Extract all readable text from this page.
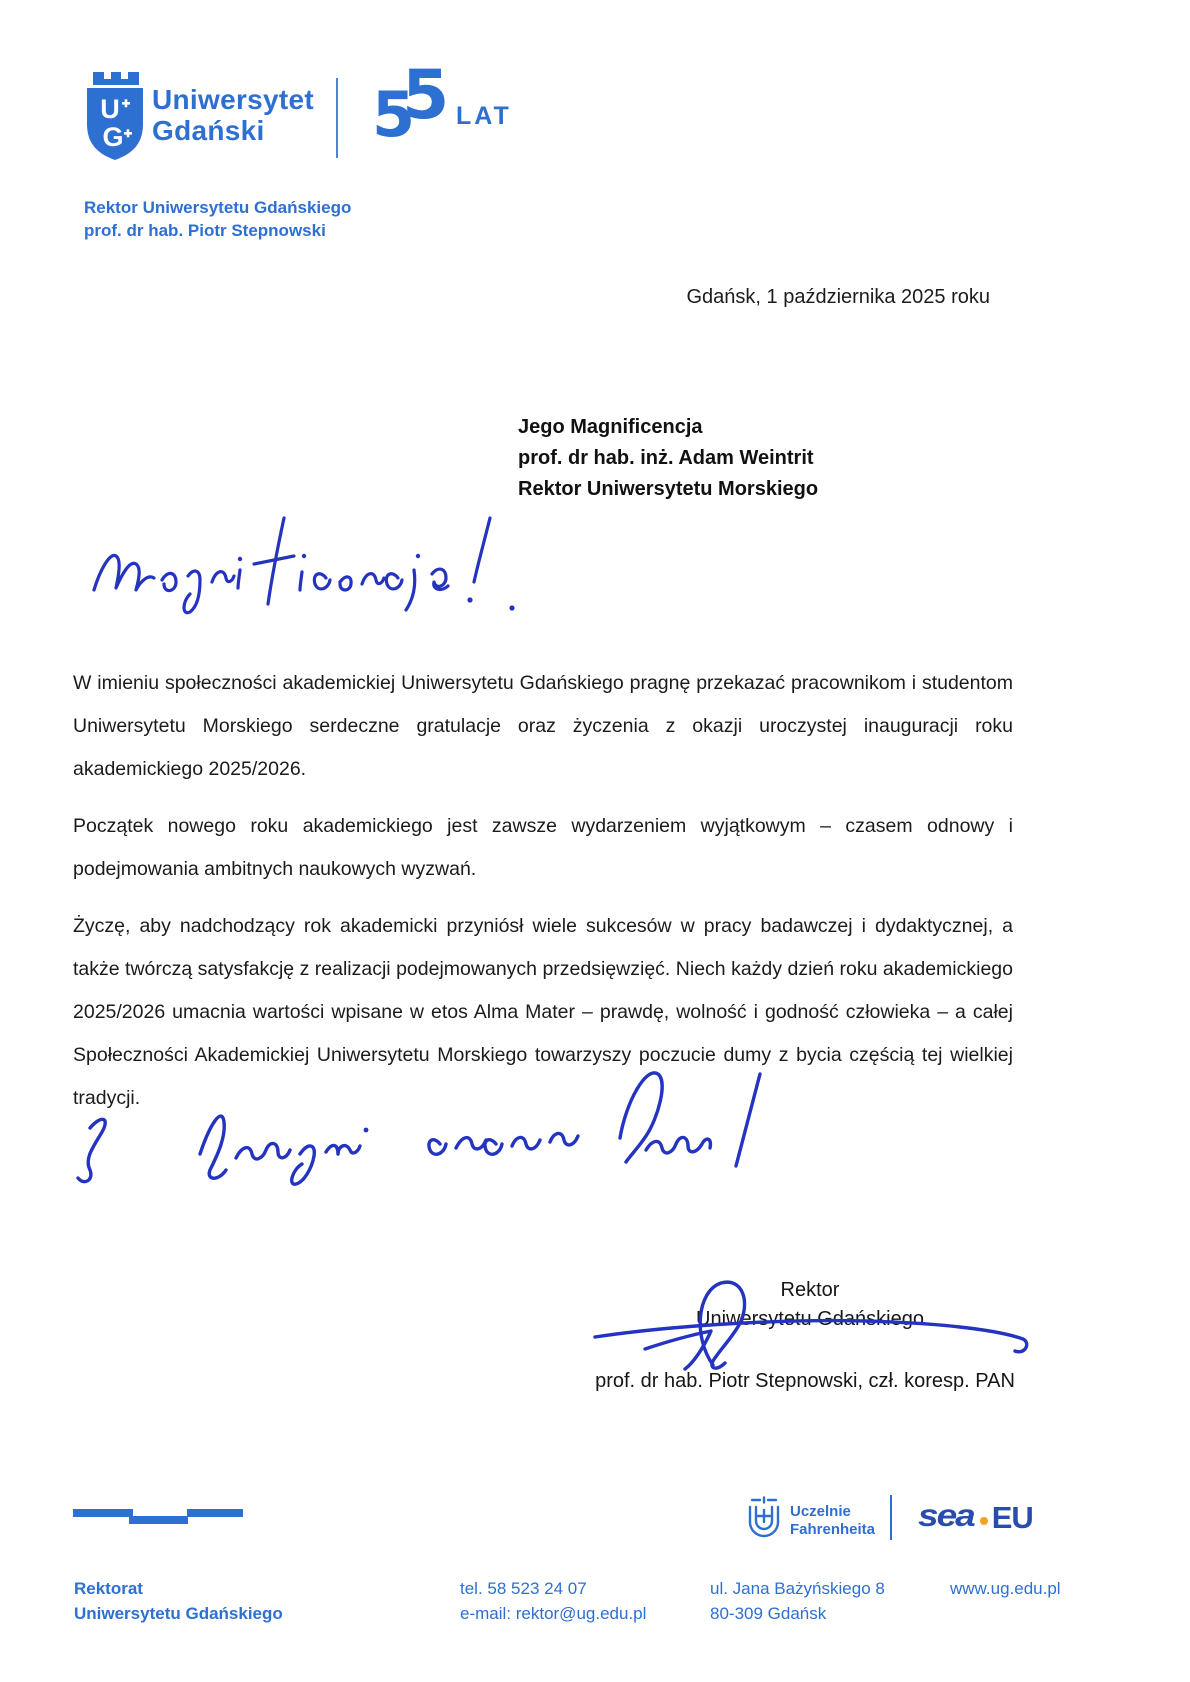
U
G
Uniwersytet
Gdański	5
5 LAT
Rektor Uniwersytetu Gdańskiego
prof. dr hab. Piotr Stepnowski
Gdańsk, 1 października 2025 roku
Jego Magnificencja
prof. dr hab. inż. Adam Weintrit
Rektor Uniwersytetu Morskiego

W imieniu społeczności akademickiej Uniwersytetu Gdańskiego pragnę przekazać pracownikom i studentom Uniwersytetu Morskiego serdeczne gratulacje oraz życzenia z okazji uroczystej inauguracji roku akademickiego 2025/2026.

Początek nowego roku akademickiego jest zawsze wydarzeniem wyjątkowym – czasem odnowy i podejmowania ambitnych naukowych wyzwań.

Życzę, aby nadchodzący rok akademicki przyniósł wiele sukcesów w pracy badawczej i dydaktycznej, a także twórczą satysfakcję z realizacji podejmowanych przedsięwzięć. Niech każdy dzień roku akademickiego 2025/2026 umacnia wartości wpisane w etos Alma Mater – prawdę, wolność i godność człowieka – a całej Społeczności Akademickiej Uniwersytetu Morskiego towarzyszy poczucie dumy z bycia częścią tej wielkiej tradycji.

Rektor
Uniwersytetu Gdańskiego
prof. dr hab. Piotr Stepnowski, czł. koresp. PAN
Uczelnie
Fahrenheita sea EU
Rektorat
Uniwersytetu Gdańskiego
tel. 58 523 24 07
e-mail: rektor@ug.edu.pl
ul. Jana Bażyńskiego 8
80-309 Gdańsk
www.ug.edu.pl
